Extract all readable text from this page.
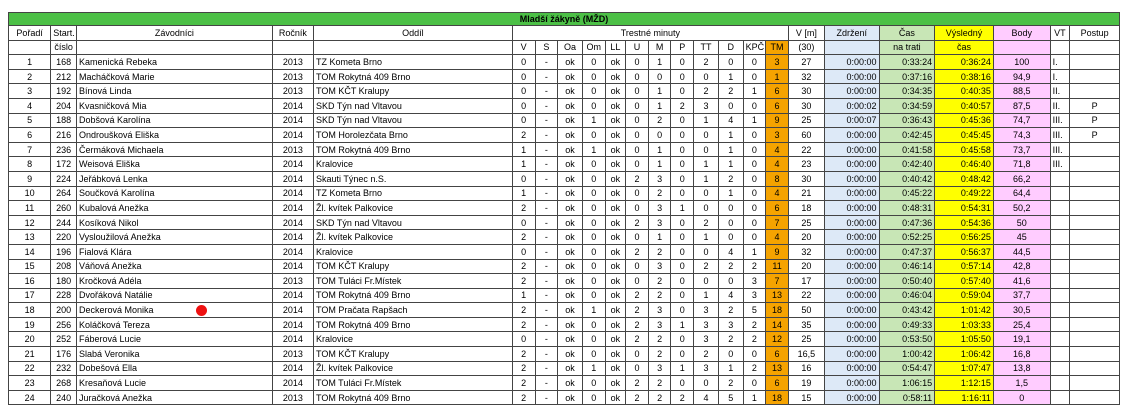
Mladší žákyně (MŽD)																							
Pořadí	Start.	Závodníci	Ročník	Oddíl	Trestné minuty												V [m]	Zdržení	Čas	Výsledný	Body	VT	Postup
	číslo				V	S	Oa	Om	LL	U	M	P	TT	D	KPČ	TM	(30)		na trati	čas			
1	168	Kamenická Rebeka	2013	TZ Kometa Brno	0	-	ok	0	ok	0	1	0	2	0	0	3	27	0:00:00	0:33:24	0:36:24	100	I.	
2	212	Macháčková Marie	2013	TOM Rokytná 409 Brno	0	-	ok	0	ok	0	0	0	0	1	0	1	32	0:00:00	0:37:16	0:38:16	94,9	I.	
3	192	Bínová Linda	2013	TOM KČT Kralupy	0	-	ok	0	ok	0	1	0	2	2	1	6	30	0:00:00	0:34:35	0:40:35	88,5	II.	
4	204	Kvasničková Mia	2014	SKD Týn nad Vltavou	0	-	ok	0	ok	0	1	2	3	0	0	6	30	0:00:02	0:34:59	0:40:57	87,5	II.	P
5	188	Dobšová Karolína	2014	SKD Týn nad Vltavou	0	-	ok	1	ok	0	2	0	1	4	1	9	25	0:00:07	0:36:43	0:45:36	74,7	III.	P
6	216	Ondroušková Eliška	2014	TOM Horolezčata Brno	2	-	ok	0	ok	0	0	0	0	1	0	3	60	0:00:00	0:42:45	0:45:45	74,3	III.	P
7	236	Čermáková Michaela	2013	TOM Rokytná 409 Brno	1	-	ok	1	ok	0	1	0	0	1	0	4	22	0:00:00	0:41:58	0:45:58	73,7	III.	
8	172	Weisová Eliška	2014	Kralovice	1	-	ok	0	ok	0	1	0	1	1	0	4	23	0:00:00	0:42:40	0:46:40	71,8	III.	
9	224	Jeřábková Lenka	2014	Skauti Týnec n.S.	0	-	ok	0	ok	2	3	0	1	2	0	8	30	0:00:00	0:40:42	0:48:42	66,2		
10	264	Součková Karolína	2014	TZ Kometa Brno	1	-	ok	0	ok	0	2	0	0	1	0	4	21	0:00:00	0:45:22	0:49:22	64,4		
11	260	Kubalová Anežka	2014	Žl. kvítek Palkovice	2	-	ok	0	ok	0	3	1	0	0	0	6	18	0:00:00	0:48:31	0:54:31	50,2		
12	244	Kosíková Nikol	2014	SKD Týn nad Vltavou	0	-	ok	0	ok	2	3	0	2	0	0	7	25	0:00:00	0:47:36	0:54:36	50		
13	220	Vysloužilová Anežka	2014	Žl. kvítek Palkovice	2	-	ok	0	ok	0	1	0	1	0	0	4	20	0:00:00	0:52:25	0:56:25	45		
14	196	Fialová Klára	2014	Kralovice	0	-	ok	0	ok	2	2	0	0	4	1	9	32	0:00:00	0:47:37	0:56:37	44,5		
15	208	Váňová Anežka	2014	TOM KČT Kralupy	2	-	ok	0	ok	0	3	0	2	2	2	11	20	0:00:00	0:46:14	0:57:14	42,8		
16	180	Kročková Adéla	2013	TOM Tuláci Fr.Místek	2	-	ok	0	ok	0	2	0	0	0	3	7	17	0:00:00	0:50:40	0:57:40	41,6		
17	228	Dvořáková Natálie	2014	TOM Rokytná 409 Brno	1	-	ok	0	ok	2	2	0	1	4	3	13	22	0:00:00	0:46:04	0:59:04	37,7		
18	200	Deckerová Monika	2014	TOM Pračata Rapšach	2	-	ok	1	ok	2	3	0	3	2	5	18	50	0:00:00	0:43:42	1:01:42	30,5		
19	256	Koláčková Tereza	2014	TOM Rokytná 409 Brno	2	-	ok	0	ok	2	3	1	3	3	2	14	35	0:00:00	0:49:33	1:03:33	25,4		
20	252	Fáberová Lucie	2014	Kralovice	0	-	ok	0	ok	2	2	0	3	2	2	12	25	0:00:00	0:53:50	1:05:50	19,1		
21	176	Slabá Veronika	2013	TOM KČT Kralupy	2	-	ok	0	ok	0	2	0	2	0	0	6	16,5	0:00:00	1:00:42	1:06:42	16,8		
22	232	Dobešová Ella	2014	Žl. kvítek Palkovice	2	-	ok	1	ok	0	3	1	3	1	2	13	16	0:00:00	0:54:47	1:07:47	13,8		
23	268	Kresaňová Lucie	2014	TOM Tuláci Fr.Místek	2	-	ok	0	ok	2	2	0	0	2	0	6	19	0:00:00	1:06:15	1:12:15	1,5		
24	240	Juračková Anežka	2013	TOM Rokytná 409 Brno	2	-	ok	0	ok	2	2	2	4	5	1	18	15	0:00:00	0:58:11	1:16:11	0		
